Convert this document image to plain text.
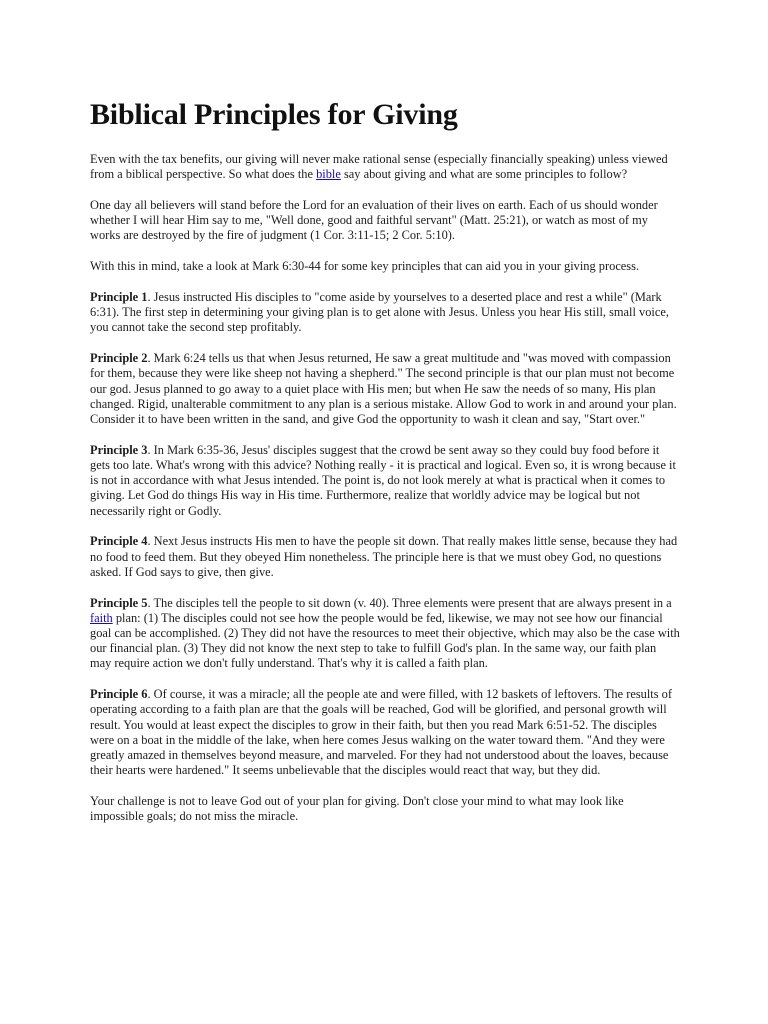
Biblical Principles for Giving

Even with the tax benefits, our giving will never make rational sense (especially financially speaking) unless viewed from a biblical perspective. So what does the bible say about giving and what are some principles to follow?

One day all believers will stand before the Lord for an evaluation of their lives on earth. Each of us should wonder whether I will hear Him say to me, "Well done, good and faithful servant" (Matt. 25:21), or watch as most of my works are destroyed by the fire of judgment (1 Cor. 3:11-15; 2 Cor. 5:10).

With this in mind, take a look at Mark 6:30-44 for some key principles that can aid you in your giving process.

Principle 1. Jesus instructed His disciples to "come aside by yourselves to a deserted place and rest a while" (Mark 6:31). The first step in determining your giving plan is to get alone with Jesus. Unless you hear His still, small voice, you cannot take the second step profitably.

Principle 2. Mark 6:24 tells us that when Jesus returned, He saw a great multitude and "was moved with compassion for them, because they were like sheep not having a shepherd." The second principle is that our plan must not become our god. Jesus planned to go away to a quiet place with His men; but when He saw the needs of so many, His plan changed. Rigid, unalterable commitment to any plan is a serious mistake. Allow God to work in and around your plan. Consider it to have been written in the sand, and give God the opportunity to wash it clean and say, "Start over."

Principle 3. In Mark 6:35-36, Jesus' disciples suggest that the crowd be sent away so they could buy food before it gets too late. What's wrong with this advice? Nothing really - it is practical and logical. Even so, it is wrong because it is not in accordance with what Jesus intended. The point is, do not look merely at what is practical when it comes to giving. Let God do things His way in His time. Furthermore, realize that worldly advice may be logical but not necessarily right or Godly.

Principle 4. Next Jesus instructs His men to have the people sit down. That really makes little sense, because they had no food to feed them. But they obeyed Him nonetheless. The principle here is that we must obey God, no questions asked. If God says to give, then give.

Principle 5. The disciples tell the people to sit down (v. 40). Three elements were present that are always present in a faith plan: (1) The disciples could not see how the people would be fed, likewise, we may not see how our financial goal can be accomplished. (2) They did not have the resources to meet their objective, which may also be the case with our financial plan. (3) They did not know the next step to take to fulfill God's plan. In the same way, our faith plan may require action we don't fully understand. That's why it is called a faith plan.

Principle 6. Of course, it was a miracle; all the people ate and were filled, with 12 baskets of leftovers. The results of operating according to a faith plan are that the goals will be reached, God will be glorified, and personal growth will result. You would at least expect the disciples to grow in their faith, but then you read Mark 6:51-52. The disciples were on a boat in the middle of the lake, when here comes Jesus walking on the water toward them. "And they were greatly amazed in themselves beyond measure, and marveled. For they had not understood about the loaves, because their hearts were hardened." It seems unbelievable that the disciples would react that way, but they did.

Your challenge is not to leave God out of your plan for giving. Don't close your mind to what may look like impossible goals; do not miss the miracle.
